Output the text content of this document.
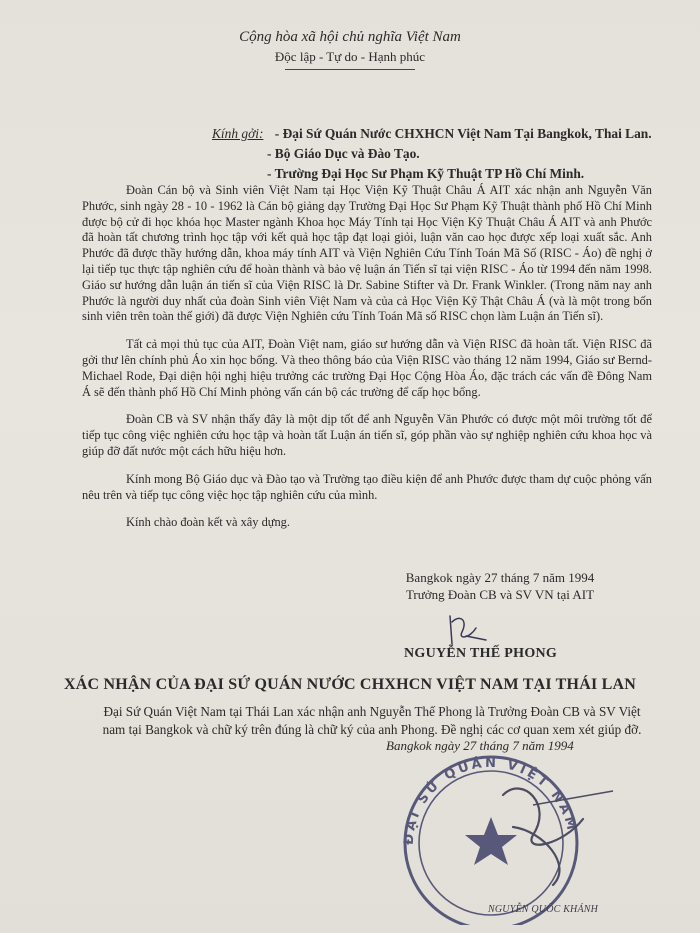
Cộng hòa xã hội chủ nghĩa Việt Nam
Độc lập - Tự do - Hạnh phúc
Kính gởi: - Đại Sứ Quán Nước CHXHCN Việt Nam Tại Bangkok, Thai Lan.
- Bộ Giáo Dục và Đào Tạo.
- Trường Đại Học Sư Phạm Kỹ Thuật TP Hồ Chí Minh.

Đoàn Cán bộ và Sinh viên Việt Nam tại Học Viện Kỹ Thuật Châu Á AIT xác nhận anh Nguyễn Văn Phước, sinh ngày 28 - 10 - 1962 là Cán bộ giảng dạy Trường Đại Học Sư Phạm Kỹ Thuật thành phố Hồ Chí Minh được bộ cử đi học khóa học Master ngành Khoa học Máy Tính tại Học Viện Kỹ Thuật Châu Á AIT và anh Phước đã hoàn tất chương trình học tập với kết quả học tập đạt loại giỏi, luận văn cao học được xếp loại xuất sắc. Anh Phước đã được thầy hướng dẫn, khoa máy tính AIT và Viện Nghiên Cứu Tính Toán Mã Số (RISC - Áo) đề nghị ở lại tiếp tục thực tập nghiên cứu để hoàn thành và bảo vệ luận án Tiến sĩ tại viện RISC - Áo từ 1994 đến năm 1998. Giáo sư hướng dẫn luận án tiến sĩ của Viện RISC là Dr. Sabine Stifter và Dr. Frank Winkler. (Trong năm nay anh Phước là người duy nhất của đoàn Sinh viên Việt Nam và của cả Học Viện Kỹ Thật Châu Á (và là một trong bốn sinh viên trên toàn thế giới) đã được Viện Nghiên cứu Tính Toán Mã số RISC chọn làm Luận án Tiến sĩ).

Tất cả mọi thủ tục của AIT, Đoàn Việt nam, giáo sư hướng dẫn và Viện RISC đã hoàn tất. Viện RISC đã gởi thư lên chính phủ Áo xin học bổng. Và theo thông báo của Viện RISC vào tháng 12 năm 1994, Giáo sư Bernd-Michael Rode, Đại diện hội nghị hiệu trưởng các trường Đại Học Cộng Hòa Áo, đặc trách các vấn đề Đông Nam Á sẽ đến thành phố Hồ Chí Minh phỏng vấn cán bộ các trường để cấp học bổng.

Đoàn CB và SV nhận thấy đây là một dịp tốt để anh Nguyễn Văn Phước có được một môi trường tốt để tiếp tục công việc nghiên cứu học tập và hoàn tất Luận án tiến sĩ, góp phần vào sự nghiệp nghiên cứu khoa học và giúp đỡ đất nước một cách hữu hiệu hơn.

Kính mong Bộ Giáo dục và Đào tạo và Trường tạo điều kiện để anh Phước được tham dự cuộc phỏng vấn nêu trên và tiếp tục công việc học tập nghiên cứu của mình.

Kính chào đoàn kết và xây dựng.

Bangkok ngày 27 tháng 7 năm 1994
Trưởng Đoàn CB và SV VN tại AIT
NGUYỄN THẾ PHONG
XÁC NHẬN CỦA ĐẠI SỨ QUÁN NƯỚC CHXHCN VIỆT NAM TẠI THÁI LAN
Đại Sứ Quán Việt Nam tại Thái Lan xác nhận anh Nguyễn Thế Phong là Trưởng Đoàn CB và SV Việt nam tại Bangkok và chữ ký trên đúng là chữ ký của anh Phong. Đề nghị các cơ quan xem xét giúp đỡ.
Bangkok ngày 27 tháng 7 năm 1994
ĐẠI SỨ QUÁN VIỆT NAM
NGUYỄN QUỐC KHÁNH
